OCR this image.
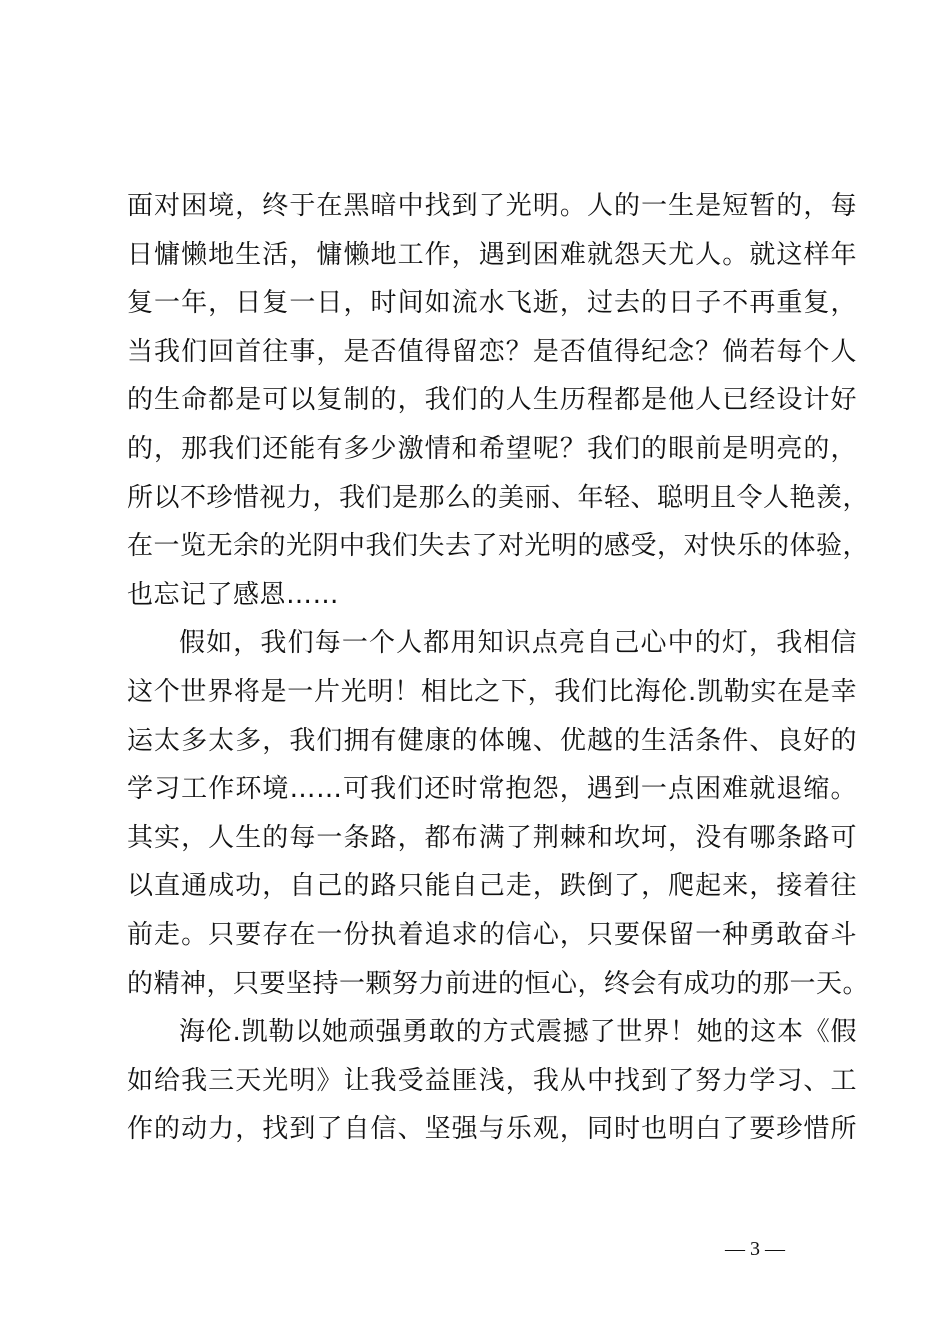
面对困境，终于在黑暗中找到了光明。人的一生是短暂的，每
日慵懒地生活，慵懒地工作，遇到困难就怨天尤人。就这样年
复一年，日复一日，时间如流水飞逝，过去的日子不再重复，
当我们回首往事，是否值得留恋？是否值得纪念？倘若每个人
的生命都是可以复制的，我们的人生历程都是他人已经设计好
的，那我们还能有多少激情和希望呢？我们的眼前是明亮的，
所以不珍惜视力，我们是那么的美丽、年轻、聪明且令人艳羡，
在一览无余的光阴中我们失去了对光明的感受，对快乐的体验，
也忘记了感恩……
假如，我们每一个人都用知识点亮自己心中的灯，我相信
这个世界将是一片光明！相比之下，我们比海伦.凯勒实在是幸
运太多太多，我们拥有健康的体魄、优越的生活条件、良好的
学习工作环境……可我们还时常抱怨，遇到一点困难就退缩。
其实，人生的每一条路，都布满了荆棘和坎坷，没有哪条路可
以直通成功，自己的路只能自己走，跌倒了，爬起来，接着往
前走。只要存在一份执着追求的信心，只要保留一种勇敢奋斗
的精神，只要坚持一颗努力前进的恒心，终会有成功的那一天。
海伦.凯勒以她顽强勇敢的方式震撼了世界！她的这本《假
如给我三天光明》让我受益匪浅，我从中找到了努力学习、工
作的动力，找到了自信、坚强与乐观，同时也明白了要珍惜所
— 3 —
